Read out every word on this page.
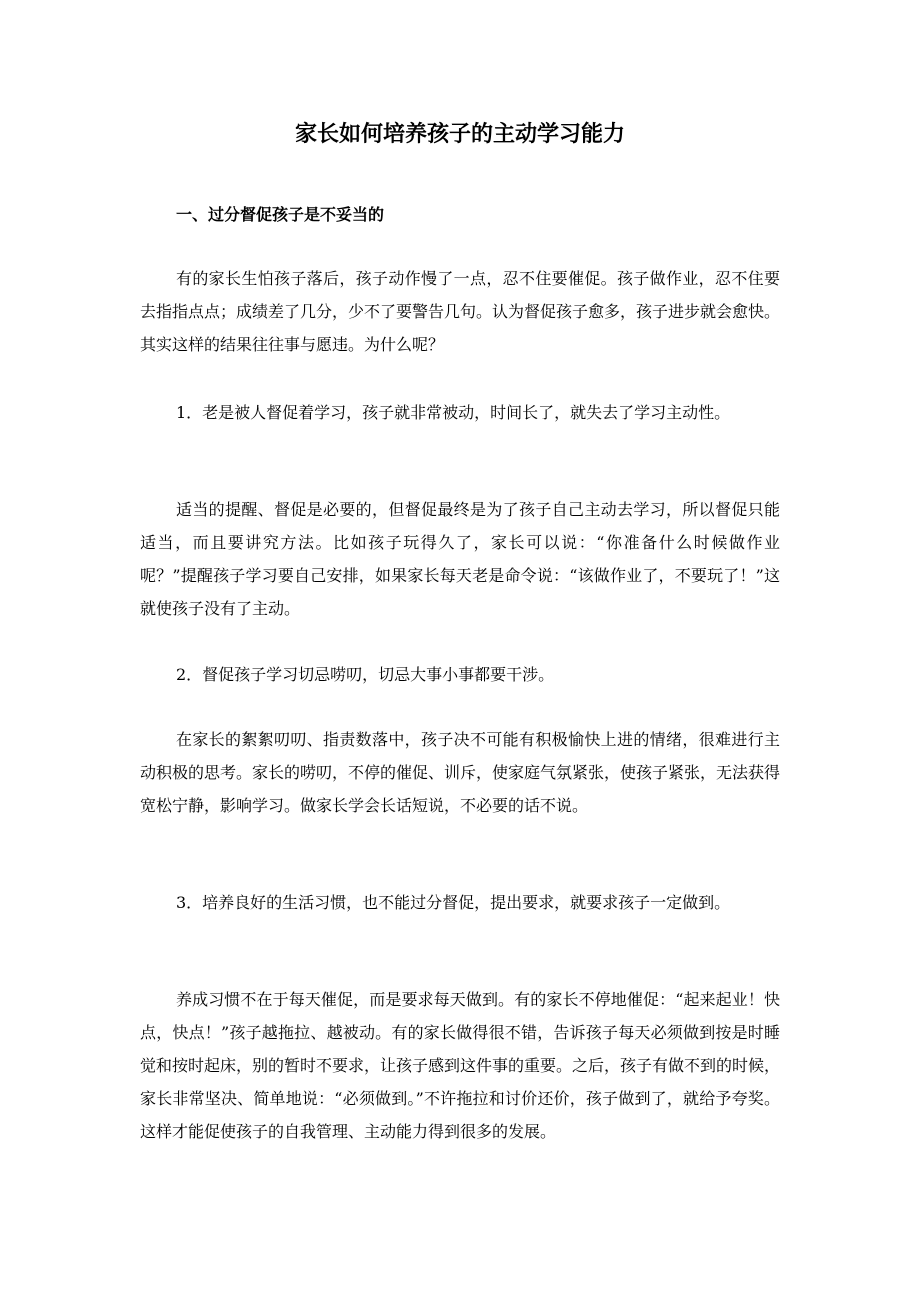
家长如何培养孩子的主动学习能力
一、过分督促孩子是不妥当的

有的家长生怕孩子落后，孩子动作慢了一点，忍不住要催促。孩子做作业，忍不住要去指指点点；成绩差了几分，少不了要警告几句。认为督促孩子愈多，孩子进步就会愈快。其实这样的结果往往事与愿违。为什么呢？

1．老是被人督促着学习，孩子就非常被动，时间长了，就失去了学习主动性。

适当的提醒、督促是必要的，但督促最终是为了孩子自己主动去学习，所以督促只能适当，而且要讲究方法。比如孩子玩得久了，家长可以说：“你准备什么时候做作业呢？”提醒孩子学习要自己安排，如果家长每天老是命令说：“该做作业了，不要玩了！”这就使孩子没有了主动。

2．督促孩子学习切忌唠叨，切忌大事小事都要干涉。

在家长的絮絮叨叨、指责数落中，孩子决不可能有积极愉快上进的情绪，很难进行主动积极的思考。家长的唠叨，不停的催促、训斥，使家庭气氛紧张，使孩子紧张，无法获得宽松宁静，影响学习。做家长学会长话短说，不必要的话不说。

3．培养良好的生活习惯，也不能过分督促，提出要求，就要求孩子一定做到。

养成习惯不在于每天催促，而是要求每天做到。有的家长不停地催促：“起来起业！快点，快点！”孩子越拖拉、越被动。有的家长做得很不错，告诉孩子每天必须做到按是时睡觉和按时起床，别的暂时不要求，让孩子感到这件事的重要。之后，孩子有做不到的时候，家长非常坚决、简单地说：“必须做到。”不许拖拉和讨价还价，孩子做到了，就给予夸奖。这样才能促使孩子的自我管理、主动能力得到很多的发展。
